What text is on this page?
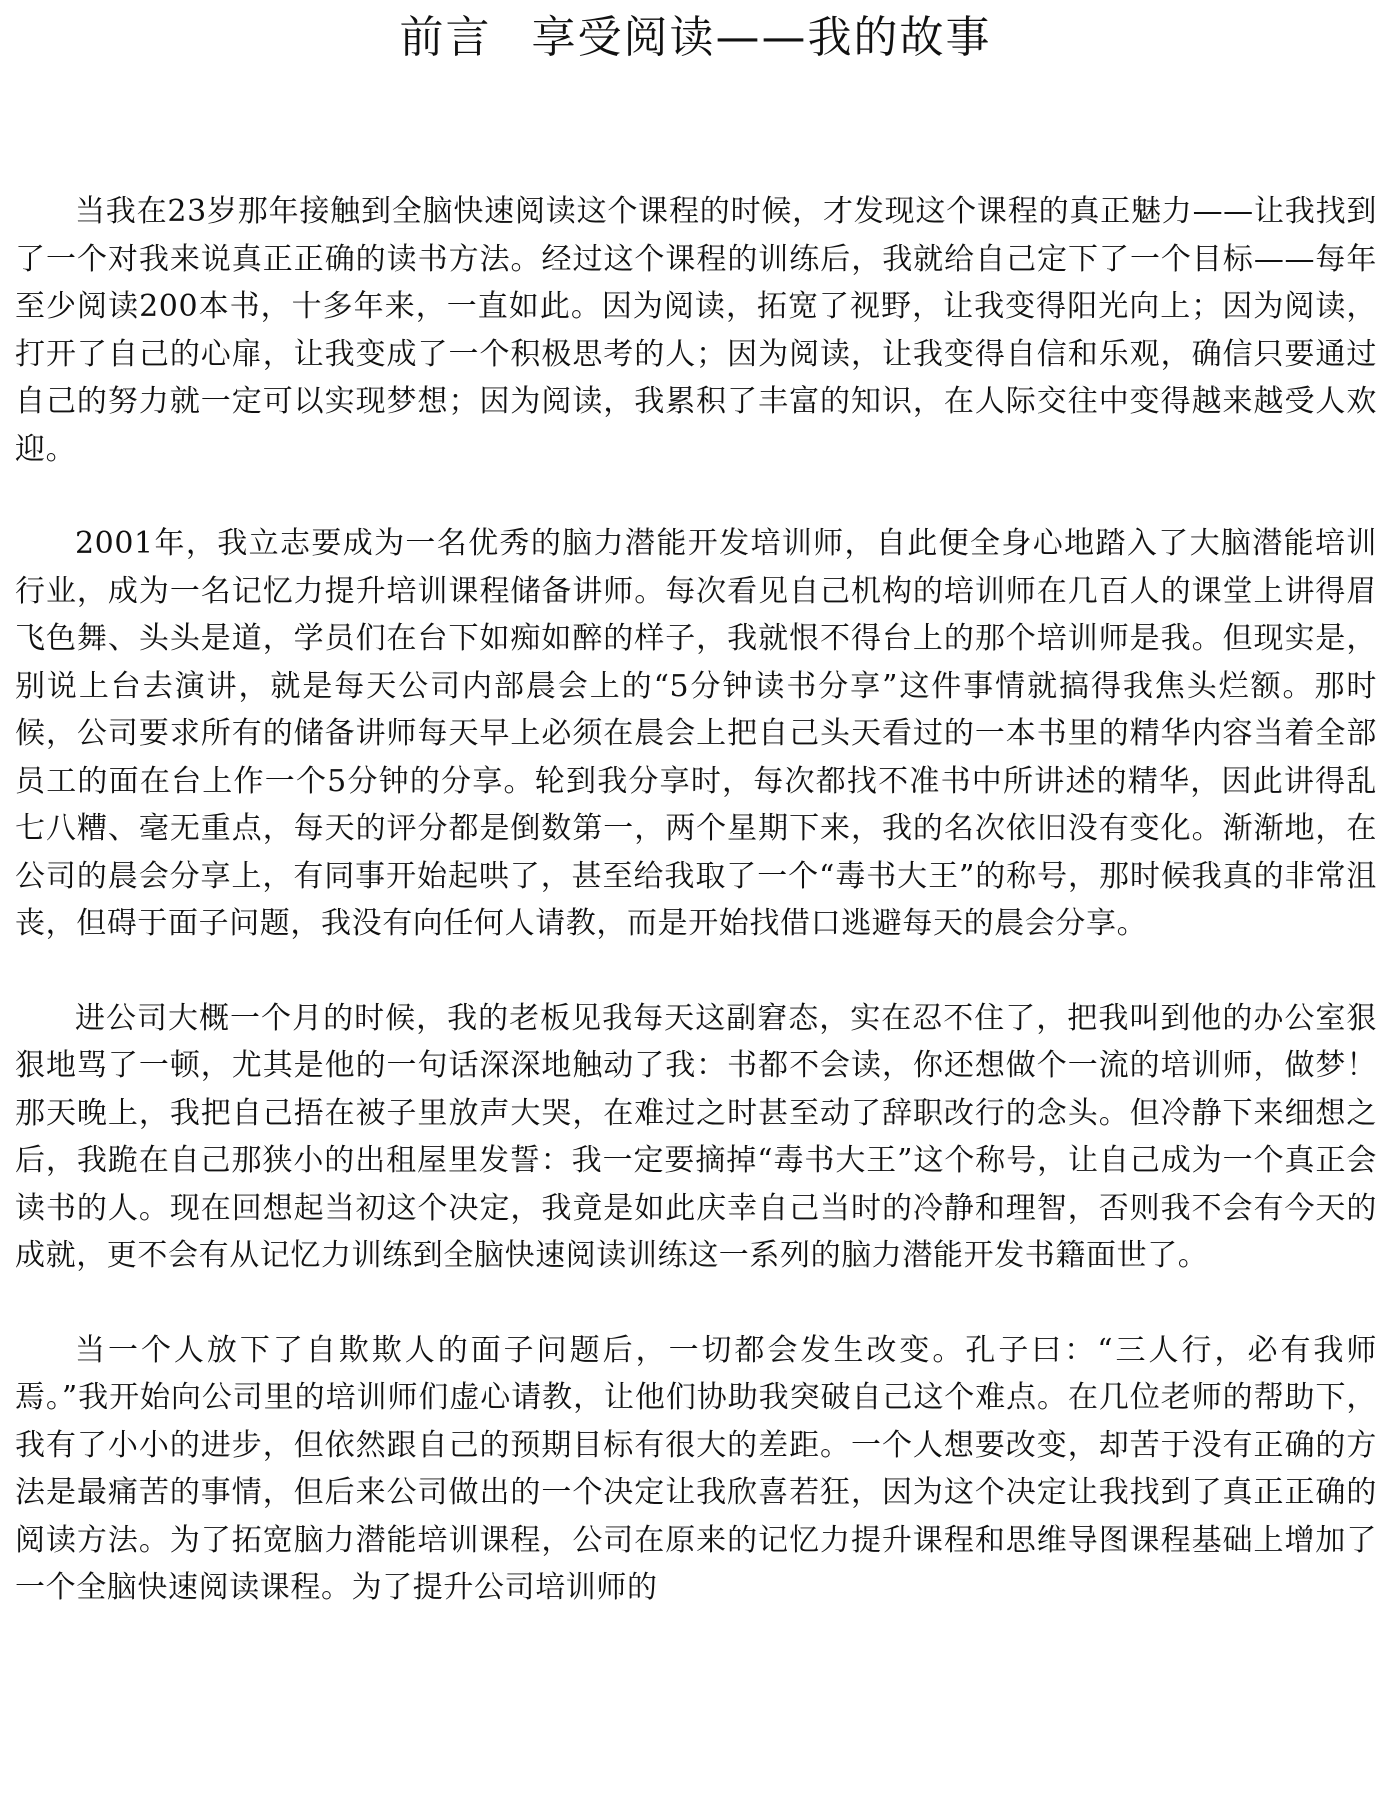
前言 享受阅读——我的故事

当我在23岁那年接触到全脑快速阅读这个课程的时候，才发现这个课程的真正魅力——让我找到了一个对我来说真正正确的读书方法。经过这个课程的训练后，我就给自己定下了一个目标——每年至少阅读200本书，十多年来，一直如此。因为阅读，拓宽了视野，让我变得阳光向上；因为阅读，打开了自己的心扉，让我变成了一个积极思考的人；因为阅读，让我变得自信和乐观，确信只要通过自己的努力就一定可以实现梦想；因为阅读，我累积了丰富的知识，在人际交往中变得越来越受人欢迎。

2001年，我立志要成为一名优秀的脑力潜能开发培训师，自此便全身心地踏入了大脑潜能培训行业，成为一名记忆力提升培训课程储备讲师。每次看见自己机构的培训师在几百人的课堂上讲得眉飞色舞、头头是道，学员们在台下如痴如醉的样子，我就恨不得台上的那个培训师是我。但现实是，别说上台去演讲，就是每天公司内部晨会上的“5分钟读书分享”这件事情就搞得我焦头烂额。那时候，公司要求所有的储备讲师每天早上必须在晨会上把自己头天看过的一本书里的精华内容当着全部员工的面在台上作一个5分钟的分享。轮到我分享时，每次都找不准书中所讲述的精华，因此讲得乱七八糟、毫无重点，每天的评分都是倒数第一，两个星期下来，我的名次依旧没有变化。渐渐地，在公司的晨会分享上，有同事开始起哄了，甚至给我取了一个“毒书大王”的称号，那时候我真的非常沮丧，但碍于面子问题，我没有向任何人请教，而是开始找借口逃避每天的晨会分享。

进公司大概一个月的时候，我的老板见我每天这副窘态，实在忍不住了，把我叫到他的办公室狠狠地骂了一顿，尤其是他的一句话深深地触动了我：书都不会读，你还想做个一流的培训师，做梦！那天晚上，我把自己捂在被子里放声大哭，在难过之时甚至动了辞职改行的念头。但冷静下来细想之后，我跪在自己那狭小的出租屋里发誓：我一定要摘掉“毒书大王”这个称号，让自己成为一个真正会读书的人。现在回想起当初这个决定，我竟是如此庆幸自己当时的冷静和理智，否则我不会有今天的成就，更不会有从记忆力训练到全脑快速阅读训练这一系列的脑力潜能开发书籍面世了。

当一个人放下了自欺欺人的面子问题后，一切都会发生改变。孔子曰：“三人行，必有我师焉。”我开始向公司里的培训师们虚心请教，让他们协助我突破自己这个难点。在几位老师的帮助下，我有了小小的进步，但依然跟自己的预期目标有很大的差距。一个人想要改变，却苦于没有正确的方法是最痛苦的事情，但后来公司做出的一个决定让我欣喜若狂，因为这个决定让我找到了真正正确的阅读方法。为了拓宽脑力潜能培训课程，公司在原来的记忆力提升课程和思维导图课程基础上增加了一个全脑快速阅读课程。为了提升公司培训师的
